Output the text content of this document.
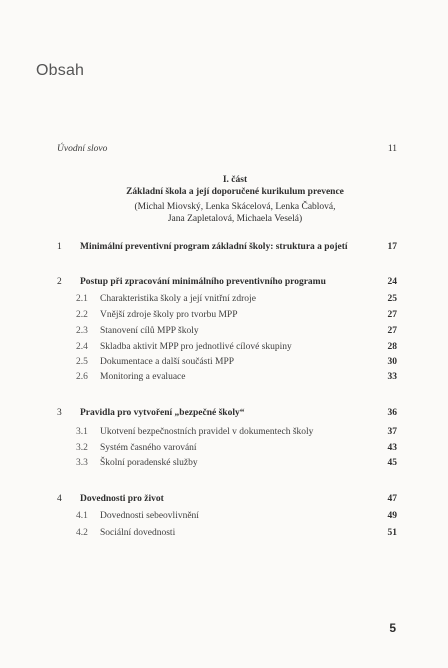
Obsah
Úvodní slovo	11
I. část
Základní škola a její doporučené kurikulum prevence
(Michal Miovský, Lenka Skácelová, Lenka Čablová,
Jana Zapletalová, Michaela Veselá)
1 Minimální preventivní program základní školy: struktura a pojetí	17
2 Postup při zpracování minimálního preventivního programu	24
2.1 Charakteristika školy a její vnitřní zdroje	25
2.2 Vnější zdroje školy pro tvorbu MPP	27
2.3 Stanovení cílů MPP školy	27
2.4 Skladba aktivit MPP pro jednotlivé cílové skupiny	28
2.5 Dokumentace a další součásti MPP	30
2.6 Monitoring a evaluace	33
3 Pravidla pro vytvoření „bezpečné školy“	36
3.1 Ukotvení bezpečnostních pravidel v dokumentech školy	37
3.2 Systém časného varování	43
3.3 Školní poradenské služby	45
4 Dovednosti pro život	47
4.1 Dovednosti sebeovlivnění	49
4.2 Sociální dovednosti	51
5
